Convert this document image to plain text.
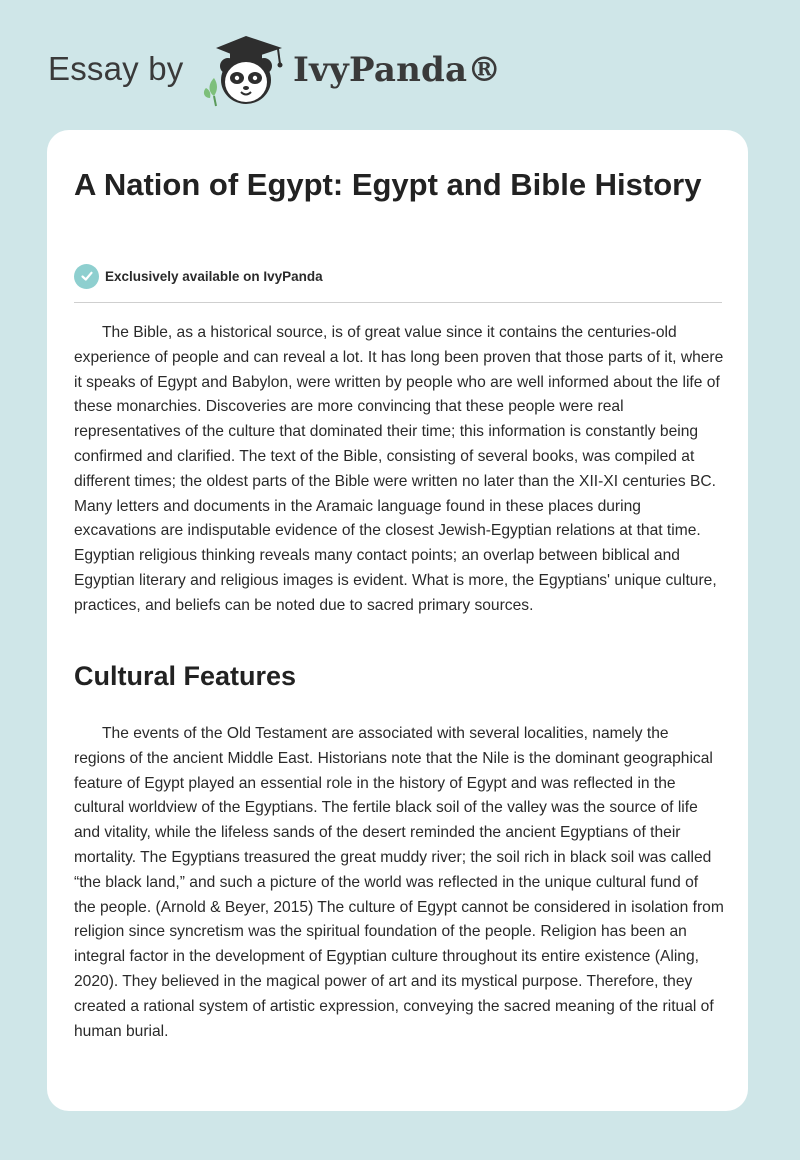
Essay by	IvyPanda®
A Nation of Egypt: Egypt and Bible History
Exclusively available on IvyPanda

The Bible, as a historical source, is of great value since it contains the centuries-old experience of people and can reveal a lot. It has long been proven that those parts of it, where it speaks of Egypt and Babylon, were written by people who are well informed about the life of these monarchies. Discoveries are more convincing that these people were real representatives of the culture that dominated their time; this information is constantly being confirmed and clarified. The text of the Bible, consisting of several books, was compiled at different times; the oldest parts of the Bible were written no later than the XII-XI centuries BC. Many letters and documents in the Aramaic language found in these places during excavations are indisputable evidence of the closest Jewish-Egyptian relations at that time. Egyptian religious thinking reveals many contact points; an overlap between biblical and Egyptian literary and religious images is evident. What is more, the Egyptians' unique culture, practices, and beliefs can be noted due to sacred primary sources.

Cultural Features

The events of the Old Testament are associated with several localities, namely the regions of the ancient Middle East. Historians note that the Nile is the dominant geographical feature of Egypt played an essential role in the history of Egypt and was reflected in the cultural worldview of the Egyptians. The fertile black soil of the valley was the source of life and vitality, while the lifeless sands of the desert reminded the ancient Egyptians of their mortality. The Egyptians treasured the great muddy river; the soil rich in black soil was called “the black land,” and such a picture of the world was reflected in the unique cultural fund of the people. (Arnold & Beyer, 2015) The culture of Egypt cannot be considered in isolation from religion since syncretism was the spiritual foundation of the people. Religion has been an integral factor in the development of Egyptian culture throughout its entire existence (Aling, 2020). They believed in the magical power of art and its mystical purpose. Therefore, they created a rational system of artistic expression, conveying the sacred meaning of the ritual of human burial.
